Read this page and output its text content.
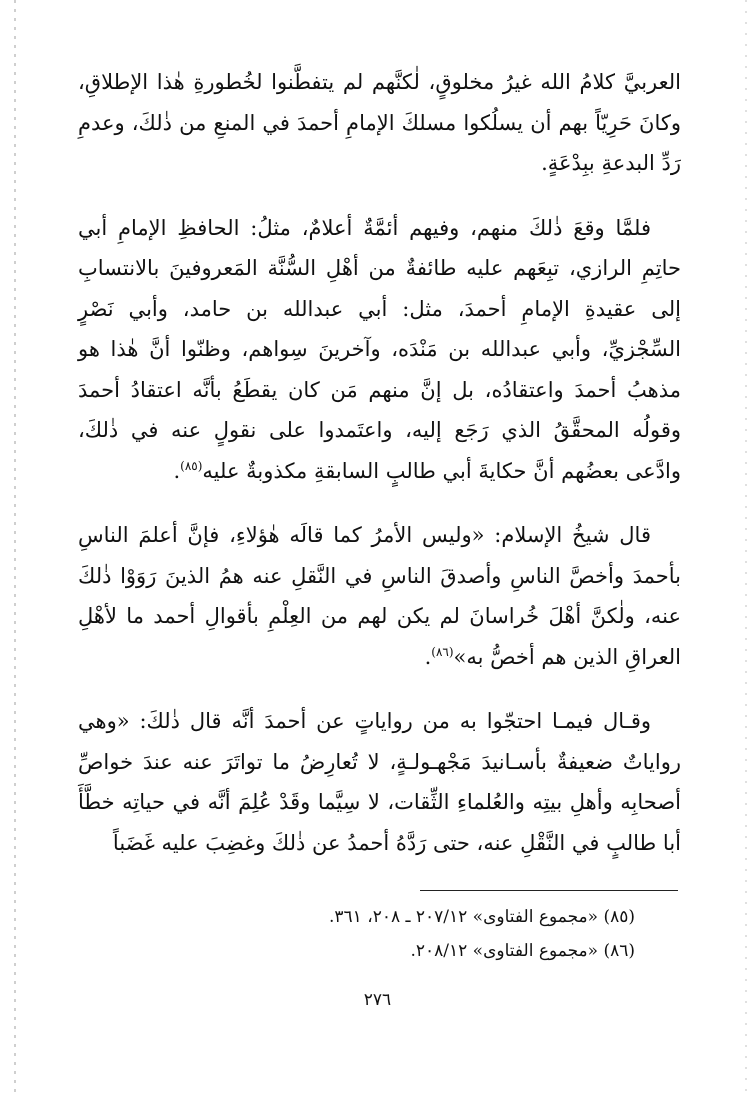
العربيَّ كلامُ الله غيرُ مخلوقٍ، لٰكنَّهم لم يتفطَّنوا لخُطورةِ هٰذا الإطلاقِ، وكانَ حَرِيّاً بهم أن يسلُكوا مسلكَ الإمامِ أحمدَ في المنعِ من ذٰلكَ، وعدمِ رَدِّ البدعةِ ببِدْعَةٍ.

فلمَّا وقعَ ذٰلكَ منهم، وفيهم أئمَّةٌ أعلامٌ، مثلُ: الحافظِ الإمامِ أبي حاتِمِ الرازي، تبِعَهم عليه طائفةٌ من أهْلِ السُّنَّة المَعروفينَ بالانتسابِ إلى عقيدةِ الإمامِ أحمدَ، مثل: أبي عبدالله بن حامد، وأبي نَصْرٍ السِّجْزيِّ، وأبي عبدالله بن مَنْدَه، وآخرينَ سِواهم، وظنّوا أنَّ هٰذا هو مذهبُ أحمدَ واعتقادُه، بل إنَّ منهم مَن كان يقطَعُ بأنَّه اعتقادُ أحمدَ وقولُه المحقَّقُ الذي رَجَع إليه، واعتَمدوا على نقولٍ عنه في ذٰلكَ، وادَّعى بعضُهم أنَّ حكايةَ أبي طالبٍ السابقةِ مكذوبةٌ عليه$^{(٨٥)}$.

قال شيخُ الإسلام: «وليس الأمرُ كما قالَه هٰؤلاءِ، فإنَّ أعلمَ الناسِ بأحمدَ وأخصَّ الناسِ وأصدقَ الناسِ في النَّقلِ عنه همُ الذينَ رَوَوْا ذٰلكَ عنه، ولٰكنَّ أهْلَ خُراسانَ لم يكن لهم من العِلْمِ بأقوالِ أحمد ما لأهْلِ العراقِ الذين هم أخصُّ به»$^{(٨٦)}$.

وقـال فيمـا احتجّوا به من رواياتٍ عن أحمدَ أنَّه قال ذٰلكَ: «وهي رواياتٌ ضعيفةٌ بأسـانيدَ مَجْهـولـةٍ، لا تُعارِضُ ما تواتَرَ عنه عندَ خواصِّ أصحابِه وأهلِ بيتِه والعُلماءِ الثِّقات، لا سِيَّما وقَدْ عُلِمَ أنَّه في حياتِه خطَّأَ أبا طالبٍ في النَّقْلِ عنه، حتى رَدَّهُ أحمدُ عن ذٰلكَ وغضِبَ عليه غَضَباً

(٨٥) «مجموع الفتاوى» ٢٠٧/١٢ ـ ٢٠٨، ٣٦١.
(٨٦) «مجموع الفتاوى» ٢٠٨/١٢.
٢٧٦
